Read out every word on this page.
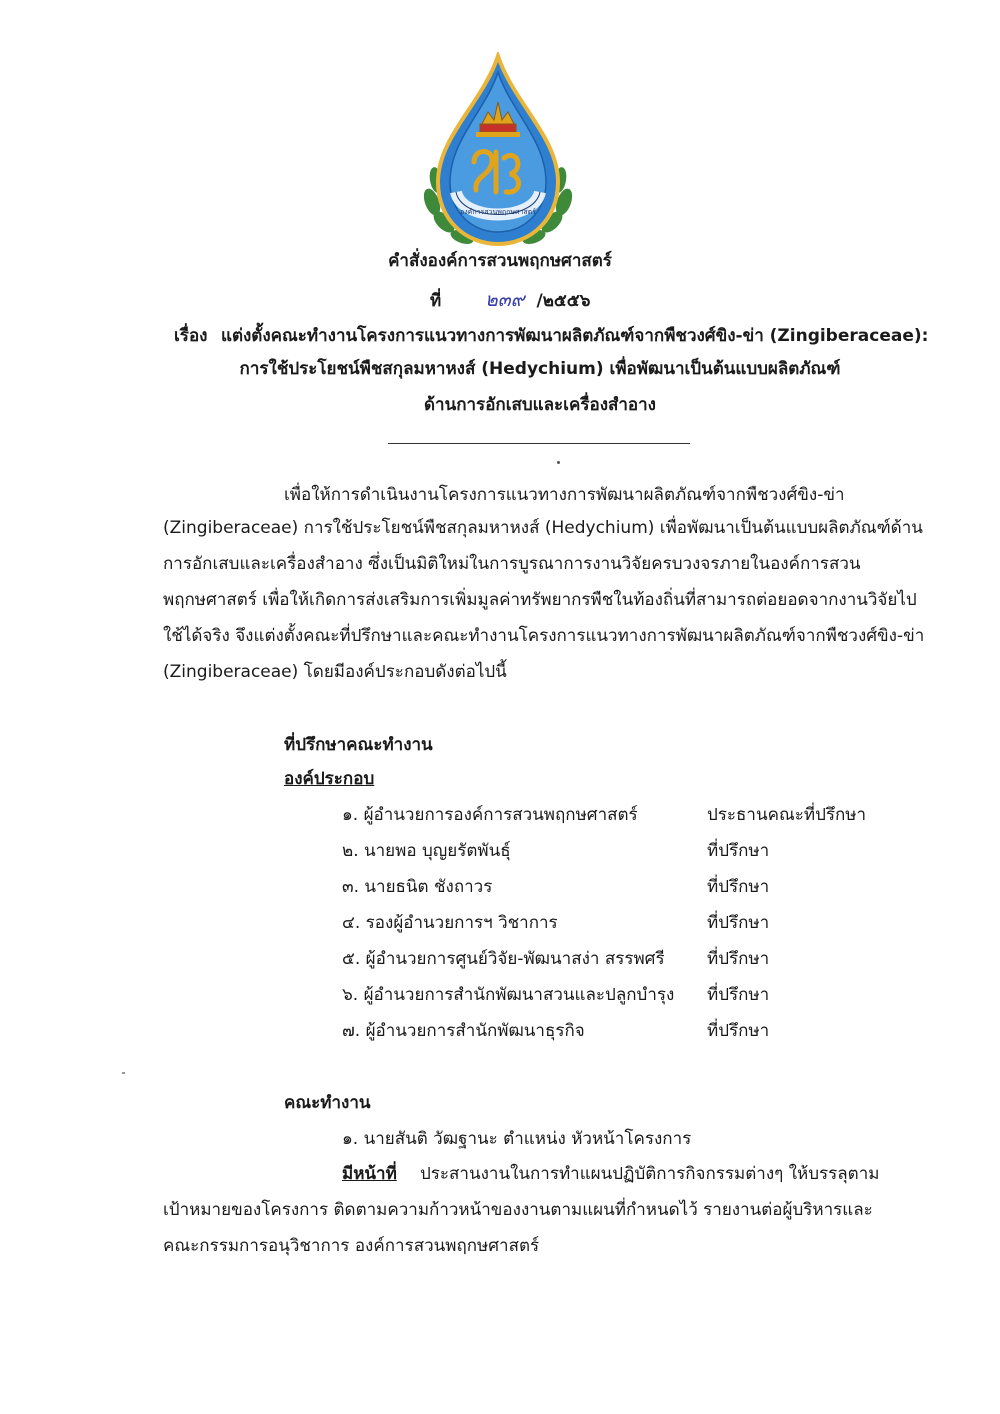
องค์การสวนพฤกษศาสตร์
คำสั่งองค์การสวนพฤกษศาสตร์
ที่ ๒๓๙ /๒๕๕๖
เรื่อง แต่งตั้งคณะทำงานโครงการแนวทางการพัฒนาผลิตภัณฑ์จากพืชวงศ์ขิง-ข่า (Zingiberaceae):
การใช้ประโยชน์พืชสกุลมหาหงส์ (Hedychium) เพื่อพัฒนาเป็นต้นแบบผลิตภัณฑ์
ด้านการอักเสบและเครื่องสำอาง
เพื่อให้การดำเนินงานโครงการแนวทางการพัฒนาผลิตภัณฑ์จากพืชวงศ์ขิง-ข่า
(Zingiberaceae) การใช้ประโยชน์พืชสกุลมหาหงส์ (Hedychium) เพื่อพัฒนาเป็นต้นแบบผลิตภัณฑ์ด้าน
การอักเสบและเครื่องสำอาง ซึ่งเป็นมิติใหม่ในการบูรณาการงานวิจัยครบวงจรภายในองค์การสวน
พฤกษศาสตร์ เพื่อให้เกิดการส่งเสริมการเพิ่มมูลค่าทรัพยากรพืชในท้องถิ่นที่สามารถต่อยอดจากงานวิจัยไป
ใช้ได้จริง จึงแต่งตั้งคณะที่ปรึกษาและคณะทำงานโครงการแนวทางการพัฒนาผลิตภัณฑ์จากพืชวงศ์ขิง-ข่า
(Zingiberaceae) โดยมีองค์ประกอบดังต่อไปนี้
ที่ปรึกษาคณะทำงาน
องค์ประกอบ
๑. ผู้อำนวยการองค์การสวนพฤกษศาสตร์	ประธานคณะที่ปรึกษา
๒. นายพอ บุญยรัตพันธุ์	ที่ปรึกษา
๓. นายธนิต ชังถาวร	ที่ปรึกษา
๔. รองผู้อำนวยการฯ วิชาการ	ที่ปรึกษา
๕. ผู้อำนวยการศูนย์วิจัย-พัฒนาสง่า สรรพศรี ที่ปรึกษา
๖. ผู้อำนวยการสำนักพัฒนาสวนและปลูกบำรุง ที่ปรึกษา
๗. ผู้อำนวยการสำนักพัฒนาธุรกิจ	ที่ปรึกษา
คณะทำงาน
๑. นายสันติ วัฒฐานะ ตำแหน่ง หัวหน้าโครงการ
มีหน้าที่ ประสานงานในการทำแผนปฏิบัติการกิจกรรมต่างๆ ให้บรรลุตาม
เป้าหมายของโครงการ ติดตามความก้าวหน้าของงานตามแผนที่กำหนดไว้ รายงานต่อผู้บริหารและ
คณะกรรมการอนุวิชาการ องค์การสวนพฤกษศาสตร์
